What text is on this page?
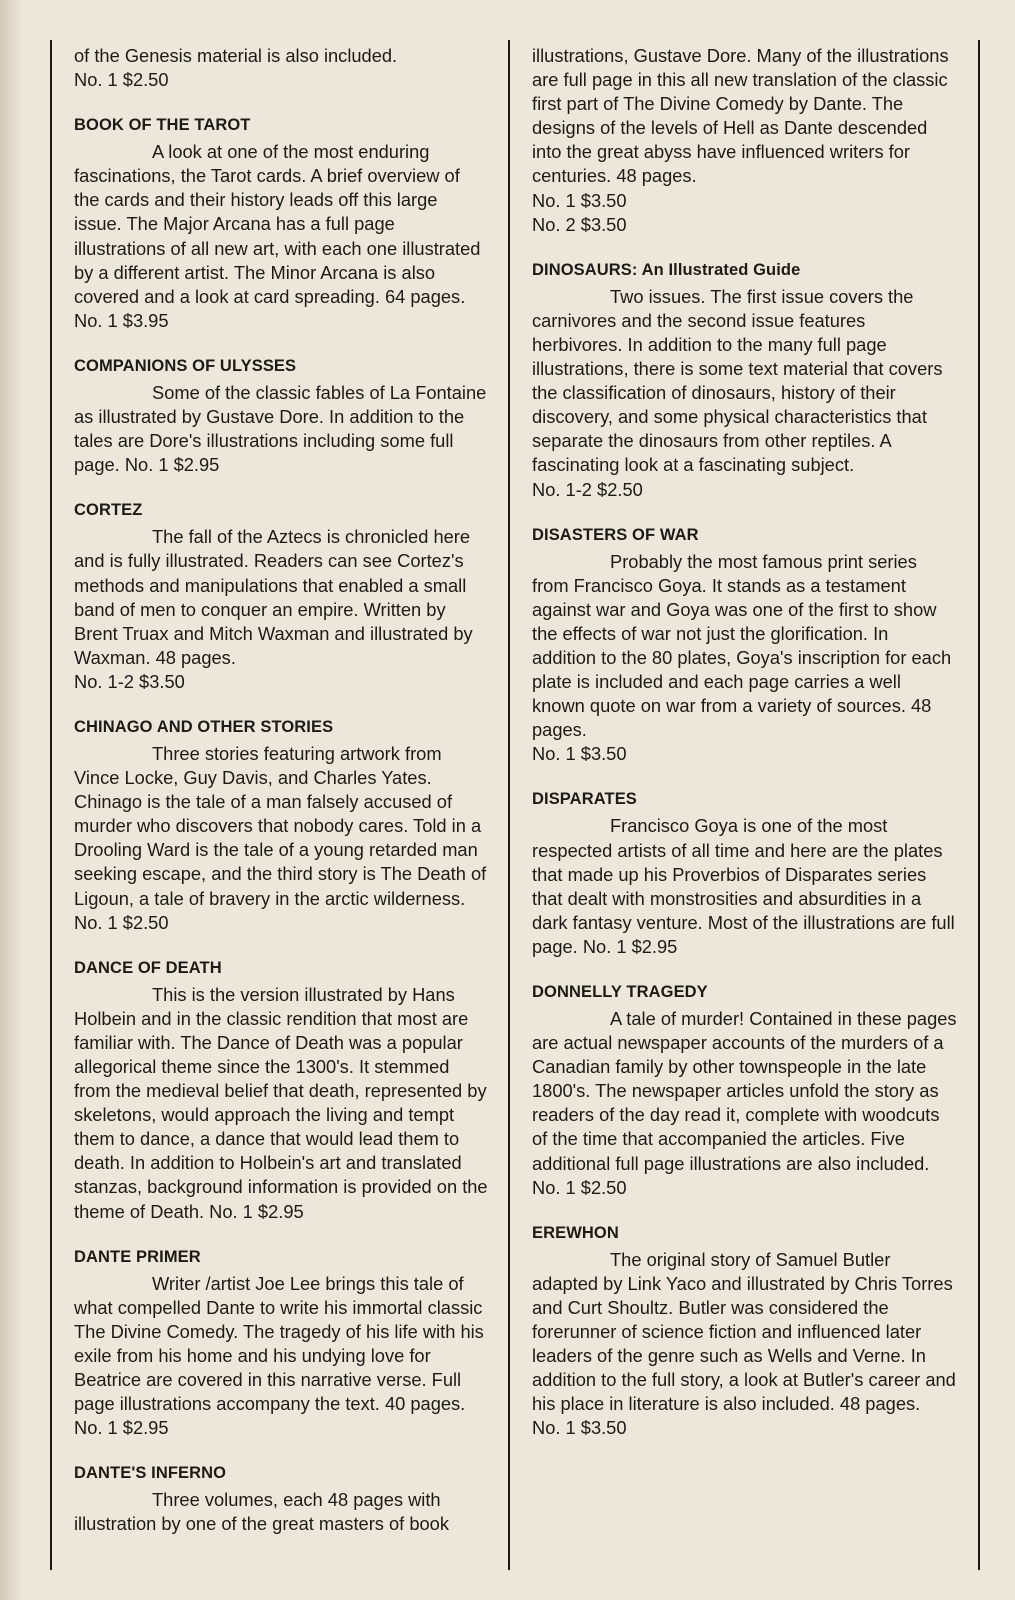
of the Genesis material is also included.

No. 1 $2.50
BOOK OF THE TAROT

A look at one of the most enduring fascinations, the Tarot cards. A brief overview of the cards and their history leads off this large issue. The Major Arcana has a full page illustrations of all new art, with each one illustrated by a different artist. The Minor Arcana is also covered and a look at card spreading. 64 pages. No. 1 $3.95

COMPANIONS OF ULYSSES

Some of the classic fables of La Fontaine as illustrated by Gustave Dore. In addition to the tales are Dore's illustrations including some full page. No. 1 $2.95

CORTEZ

The fall of the Aztecs is chronicled here and is fully illustrated. Readers can see Cortez's methods and manipulations that enabled a small band of men to conquer an empire. Written by Brent Truax and Mitch Waxman and illustrated by Waxman. 48 pages.

No. 1-2 $3.50
CHINAGO AND OTHER STORIES

Three stories featuring artwork from Vince Locke, Guy Davis, and Charles Yates. Chinago is the tale of a man falsely accused of murder who discovers that nobody cares. Told in a Drooling Ward is the tale of a young retarded man seeking escape, and the third story is The Death of Ligoun, a tale of bravery in the arctic wilderness. No. 1 $2.50

DANCE OF DEATH

This is the version illustrated by Hans Holbein and in the classic rendition that most are familiar with. The Dance of Death was a popular allegorical theme since the 1300's. It stemmed from the medieval belief that death, represented by skeletons, would approach the living and tempt them to dance, a dance that would lead them to death. In addition to Holbein's art and translated stanzas, background information is provided on the theme of Death. No. 1 $2.95

DANTE PRIMER

Writer /artist Joe Lee brings this tale of what compelled Dante to write his immortal classic The Divine Comedy. The tragedy of his life with his exile from his home and his undying love for Beatrice are covered in this narrative verse. Full page illustrations accompany the text. 40 pages. No. 1 $2.95

DANTE'S INFERNO

Three volumes, each 48 pages with illustration by one of the great masters of book

illustrations, Gustave Dore. Many of the illustrations are full page in this all new translation of the classic first part of The Divine Comedy by Dante. The designs of the levels of Hell as Dante descended into the great abyss have influenced writers for centuries. 48 pages.

No. 1 $3.50
No. 2 $3.50
DINOSAURS: An Illustrated Guide

Two issues. The first issue covers the carnivores and the second issue features herbivores. In addition to the many full page illustrations, there is some text material that covers the classification of dinosaurs, history of their discovery, and some physical characteristics that separate the dinosaurs from other reptiles. A fascinating look at a fascinating subject.

No. 1-2 $2.50
DISASTERS OF WAR

Probably the most famous print series from Francisco Goya. It stands as a testament against war and Goya was one of the first to show the effects of war not just the glorification. In addition to the 80 plates, Goya's inscription for each plate is included and each page carries a well known quote on war from a variety of sources. 48 pages.

No. 1 $3.50
DISPARATES

Francisco Goya is one of the most respected artists of all time and here are the plates that made up his Proverbios of Disparates series that dealt with monstrosities and absurdities in a dark fantasy venture. Most of the illustrations are full page. No. 1 $2.95

DONNELLY TRAGEDY

A tale of murder! Contained in these pages are actual newspaper accounts of the murders of a Canadian family by other townspeople in the late 1800's. The newspaper articles unfold the story as readers of the day read it, complete with woodcuts of the time that accompanied the articles. Five additional full page illustrations are also included. No. 1 $2.50

EREWHON

The original story of Samuel Butler adapted by Link Yaco and illustrated by Chris Torres and Curt Shoultz. Butler was considered the forerunner of science fiction and influenced later leaders of the genre such as Wells and Verne. In addition to the full story, a look at Butler's career and his place in literature is also included. 48 pages.

No. 1 $3.50
